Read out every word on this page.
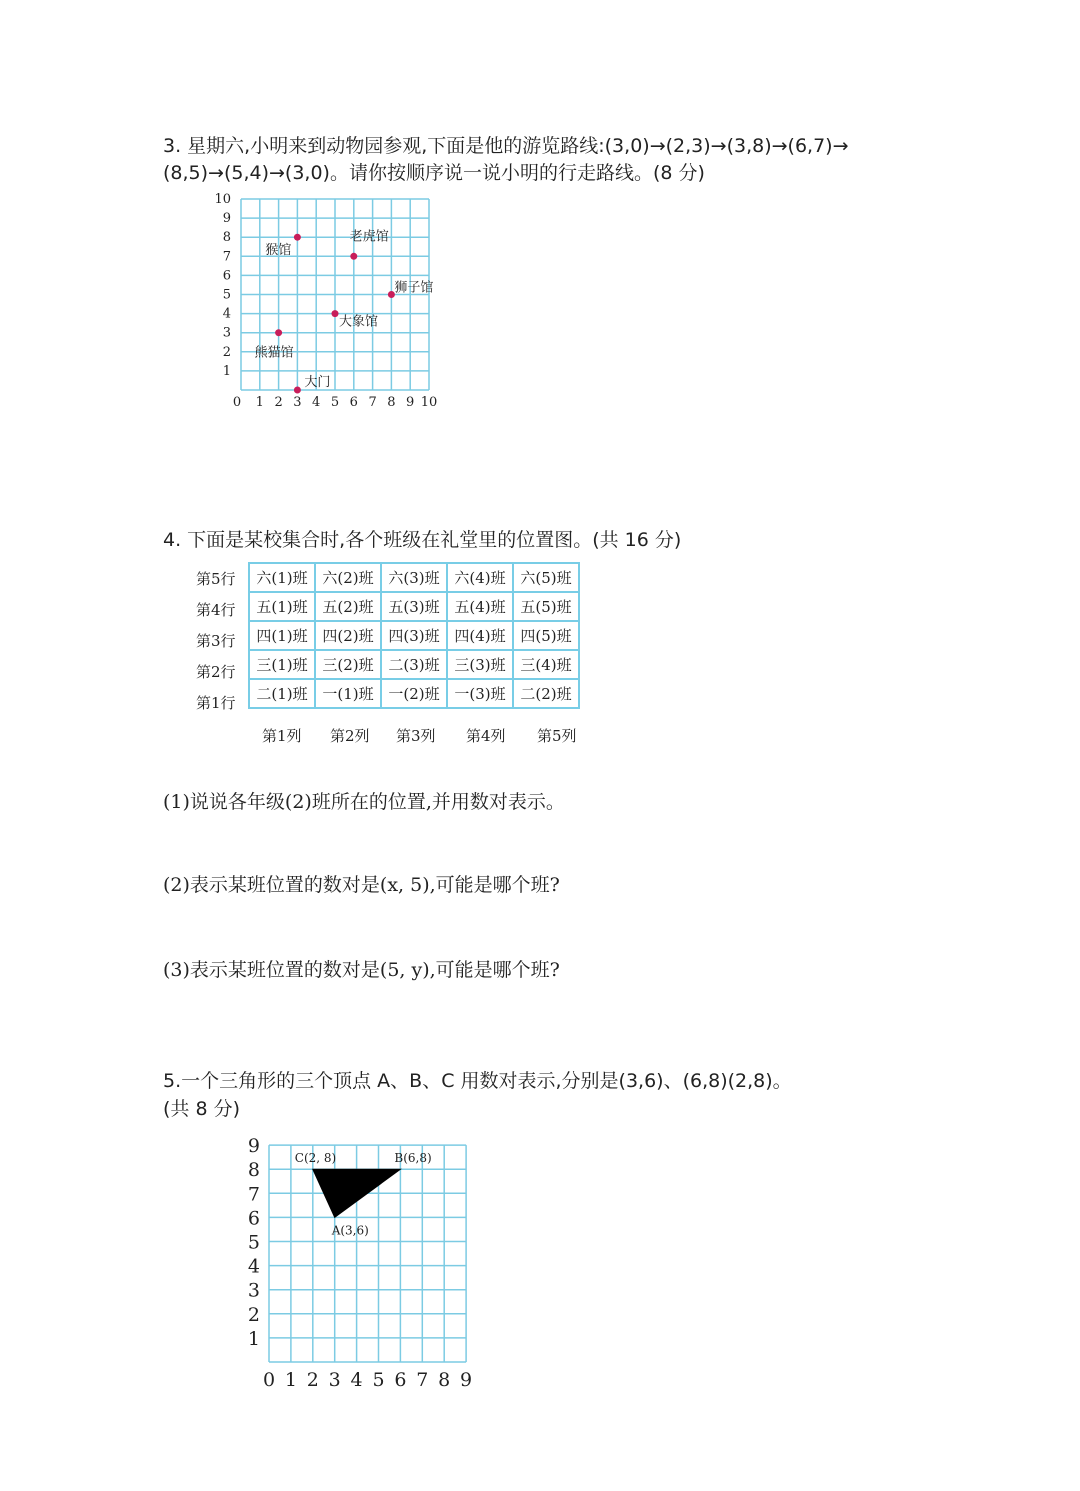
3. 星期六,小明来到动物园参观,下面是他的游览路线:(3,0)→(2,3)→(3,8)→(6,7)→
(8,5)→(5,4)→(3,0)。请你按顺序说一说小明的行走路线。(8 分)
0 1 2 3 4 5 6 7 8 9 10
1
2
3
4
5
6
7
8
9
10
猴馆
老虎馆
狮子馆
大象馆
熊猫馆
大门
4. 下面是某校集合时,各个班级在礼堂里的位置图。(共 16 分)
第5行
第4行
第3行
第2行
第1行
六(1)班	六(2)班	六(3)班	六(4)班	六(5)班
五(1)班	五(2)班	五(3)班	五(4)班	五(5)班
四(1)班	四(2)班	四(3)班	四(4)班	四(5)班
三(1)班	三(2)班	二(3)班	三(3)班	三(4)班
二(1)班	一(1)班	一(2)班	一(3)班	二(2)班
第1列 第2列 第3列 第4列 第5列
(1)说说各年级(2)班所在的位置,并用数对表示。
(2)表示某班位置的数对是(x, 5),可能是哪个班?
(3)表示某班位置的数对是(5, y),可能是哪个班?
5.一个三角形的三个顶点 A、B、C 用数对表示,分别是(3,6)、(6,8)(2,8)。
(共 8 分)
0 1 2 3 4 5 6 7 8 9
1
2
3
4
5
6
7
8
9
A(3,6)
B(6,8)
C(2, 8)
